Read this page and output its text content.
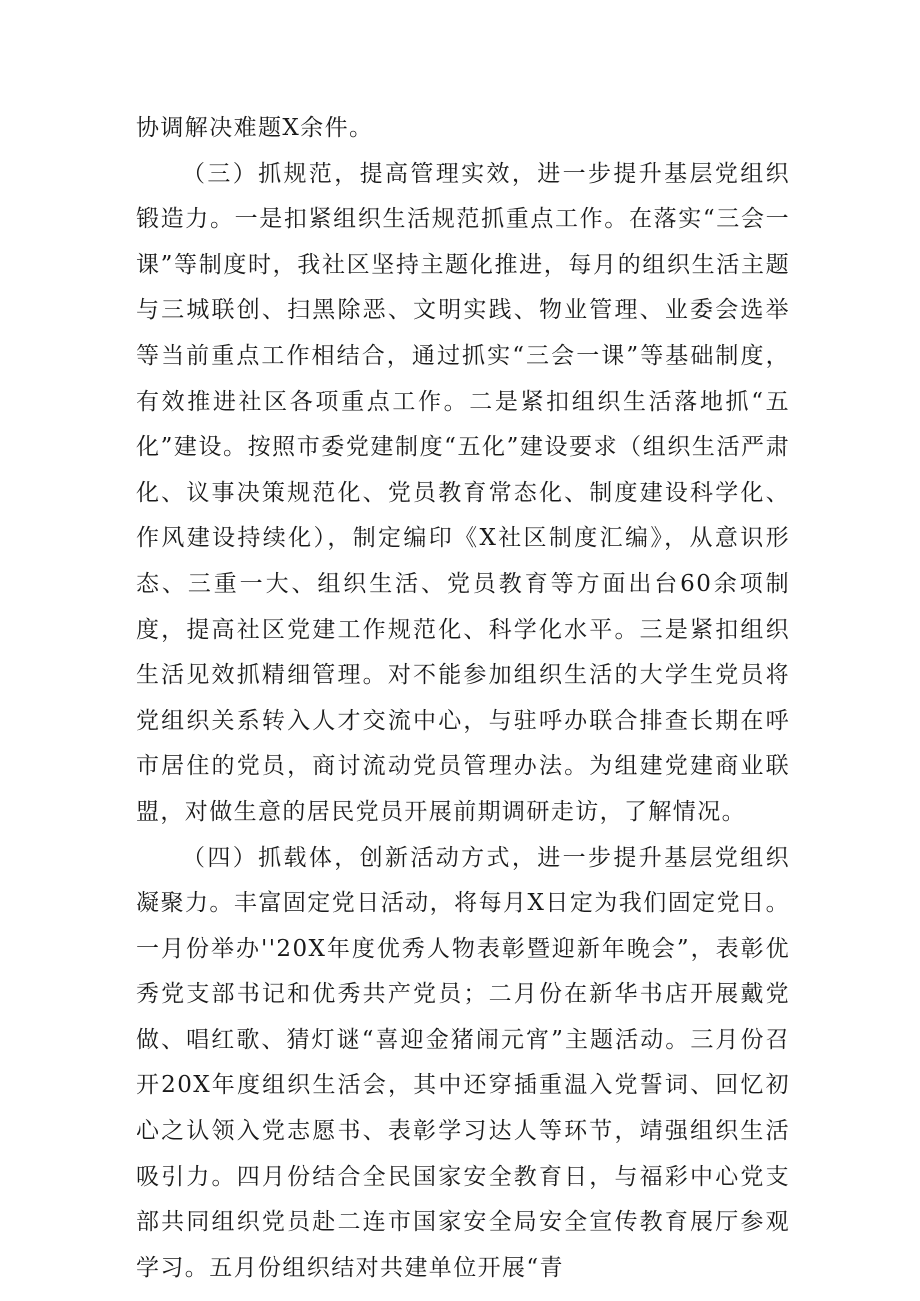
协调解决难题X余件。

（三）抓规范，提高管理实效，进一步提升基层党组织锻造力。一是扣紧组织生活规范抓重点工作。在落实“三会一课”等制度时，我社区坚持主题化推进，每月的组织生活主题与三城联创、扫黑除恶、文明实践、物业管理、业委会选举等当前重点工作相结合，通过抓实“三会一课”等基础制度，有效推进社区各项重点工作。二是紧扣组织生活落地抓“五化”建设。按照市委党建制度“五化”建设要求（组织生活严肃化、议事决策规范化、党员教育常态化、制度建设科学化、作风建设持续化），制定编印《X社区制度汇编》，从意识形态、三重一大、组织生活、党员教育等方面出台60余项制度，提高社区党建工作规范化、科学化水平。三是紧扣组织生活见效抓精细管理。对不能参加组织生活的大学生党员将党组织关系转入人才交流中心，与驻呼办联合排查长期在呼市居住的党员，商讨流动党员管理办法。为组建党建商业联盟，对做生意的居民党员开展前期调研走访，了解情况。

（四）抓载体，创新活动方式，进一步提升基层党组织凝聚力。丰富固定党日活动，将每月X日定为我们固定党日。一月份举办''20X年度优秀人物表彰暨迎新年晚会”，表彰优秀党支部书记和优秀共产党员；二月份在新华书店开展戴党做、唱红歌、猜灯谜“喜迎金猪闹元宵”主题活动。三月份召开20X年度组织生活会，其中还穿插重温入党誓词、回忆初心之认领入党志愿书、表彰学习达人等环节，靖强组织生活吸引力。四月份结合全民国家安全教育日，与福彩中心党支部共同组织党员赴二连市国家安全局安全宣传教育展厅参观学习。五月份组织结对共建单位开展“青
